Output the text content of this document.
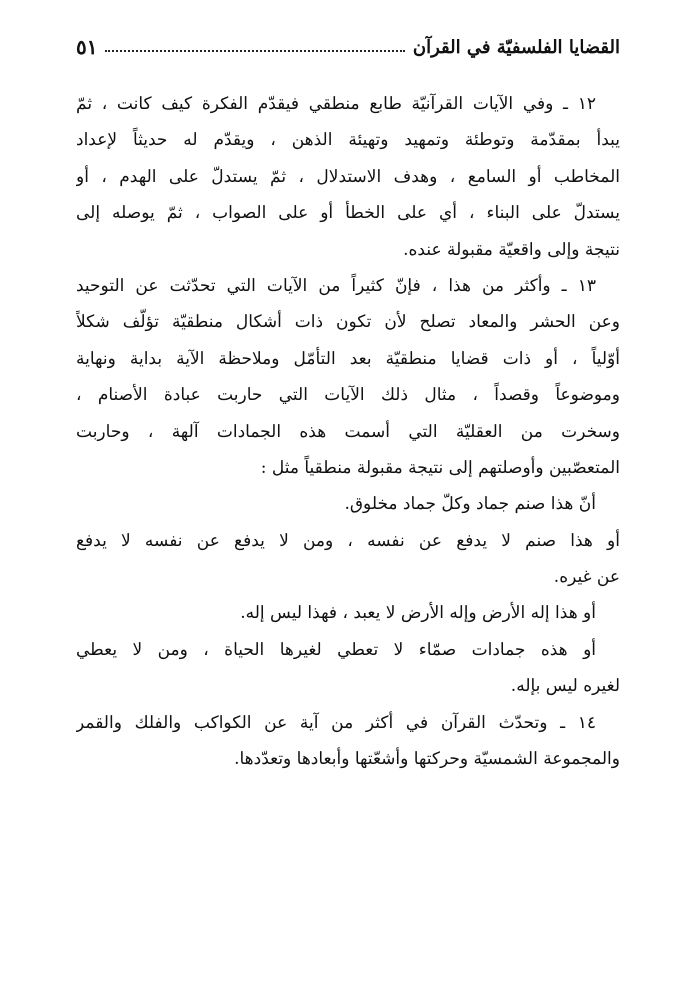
القضايا الفلسفيّة في القرآن
٥١
١٢ ـ وفي الآيات القرآنيّة طابع منطقي فيقدّم الفكرة كيف كانت ، ثمّ
يبدأ بمقدّمة وتوطئة وتمهيد وتهيئة الذهن ، ويقدّم له حديثاً لإعداد
المخاطب أو السامع ، وهدف الاستدلال ، ثمّ يستدلّ على الهدم ، أو
يستدلّ على البناء ، أي على الخطأ أو على الصواب ، ثمّ يوصله إلى
نتيجة وإلى واقعيّة مقبولة عنده.
١٣ ـ وأكثر من هذا ، فإنّ كثيراً من الآيات التي تحدّثت عن التوحيد
وعن الحشر والمعاد تصلح لأن تكون ذات أشكال منطقيّة تؤلّف شكلاً
أوّلياً ، أو ذات قضايا منطقيّة بعد التأمّل وملاحظة الآية بداية ونهاية
وموضوعاً وقصداً ، مثال ذلك الآيات التي حاربت عبادة الأصنام ،
وسخرت من العقليّة التي أسمت هذه الجمادات آلهة ، وحاربت
المتعصّبين وأوصلتهم إلى نتيجة مقبولة منطقياً مثل :
أنّ هذا صنم جماد وكلّ جماد مخلوق.
أو هذا صنم لا يدفع عن نفسه ، ومن لا يدفع عن نفسه لا يدفع
عن غيره.
أو هذا إله الأرض وإله الأرض لا يعبد ، فهذا ليس إله.
أو هذه جمادات صمّاء لا تعطي لغيرها الحياة ، ومن لا يعطي
لغيره ليس بإله.
١٤ ـ وتحدّث القرآن في أكثر من آية عن الكواكب والفلك والقمر
والمجموعة الشمسيّة وحركتها وأشعّتها وأبعادها وتعدّدها.
